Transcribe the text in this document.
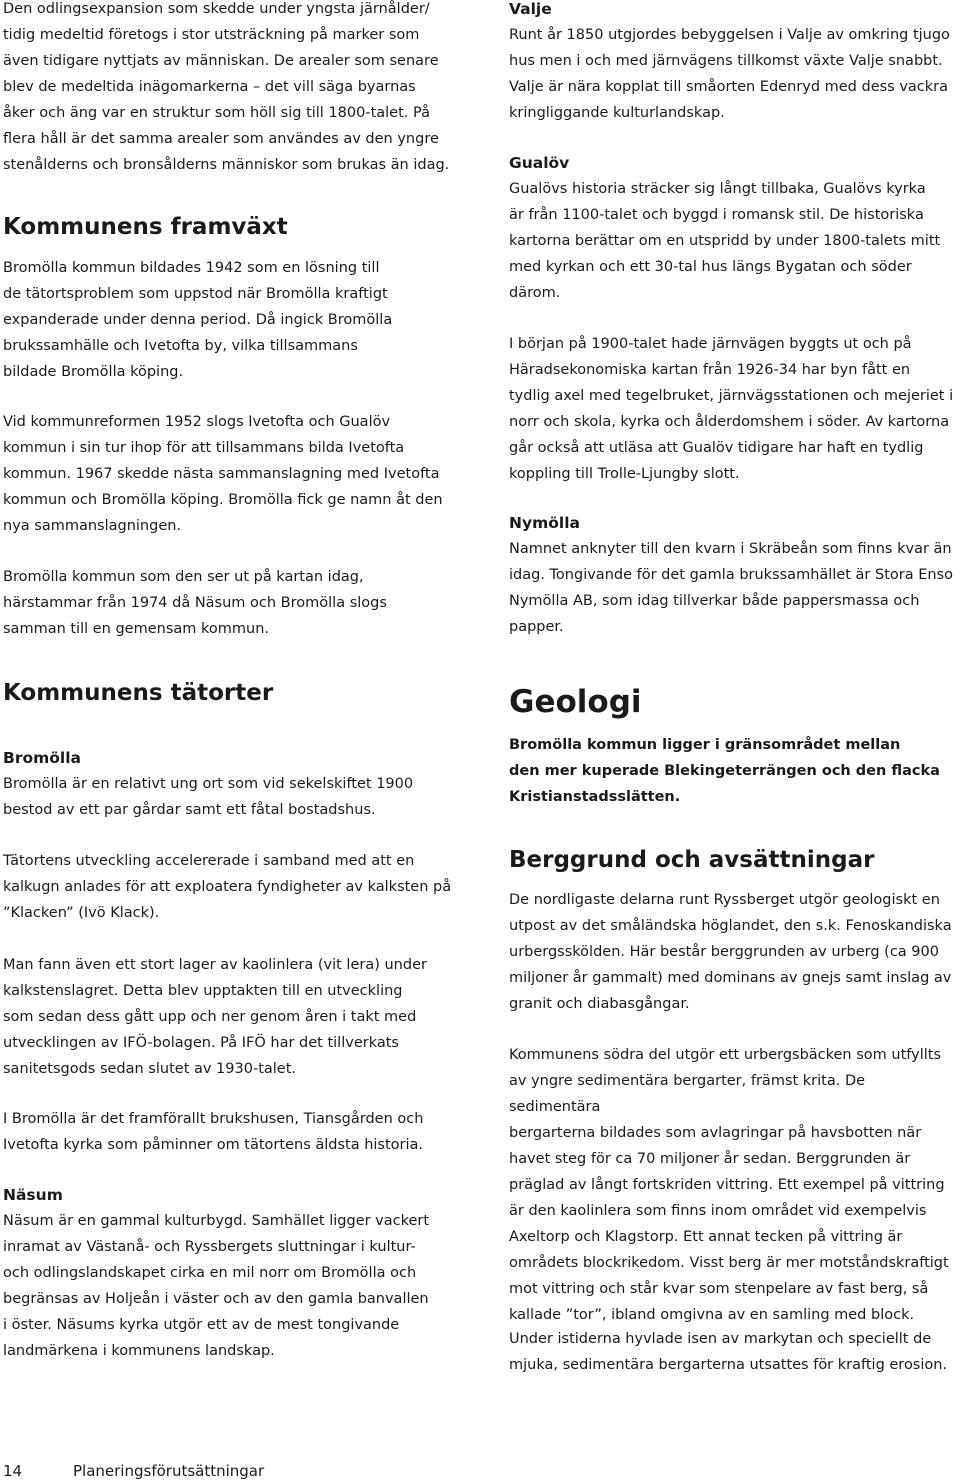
Den odlingsexpansion som skedde under yngsta järnålder/
tidig medeltid företogs i stor utsträckning på marker som
även tidigare nyttjats av människan. De arealer som senare
blev de medeltida inägomarkerna – det vill säga byarnas
åker och äng var en struktur som höll sig till 1800-talet. På
flera håll är det samma arealer som användes av den yngre
stenålderns och bronsålderns människor som brukas än idag.

Kommunens framväxt

Bromölla kommun bildades 1942 som en lösning till
de tätortsproblem som uppstod när Bromölla kraftigt
expanderade under denna period. Då ingick Bromölla
brukssamhälle och Ivetofta by, vilka tillsammans
bildade Bromölla köping.

Vid kommunreformen 1952 slogs Ivetofta och Gualöv
kommun i sin tur ihop för att tillsammans bilda Ivetofta
kommun. 1967 skedde nästa sammanslagning med Ivetofta
kommun och Bromölla köping. Bromölla fick ge namn åt den
nya sammanslagningen.

Bromölla kommun som den ser ut på kartan idag,
härstammar från 1974 då Näsum och Bromölla slogs
samman till en gemensam kommun.

Kommunens tätorter
Bromölla

Bromölla är en relativt ung ort som vid sekelskiftet 1900
bestod av ett par gårdar samt ett fåtal bostadshus.

Tätortens utveckling accelererade i samband med att en
kalkugn anlades för att exploatera fyndigheter av kalksten på
”Klacken” (Ivö Klack).

Man fann även ett stort lager av kaolinlera (vit lera) under
kalkstenslagret. Detta blev upptakten till en utveckling
som sedan dess gått upp och ner genom åren i takt med
utvecklingen av IFÖ-bolagen. På IFÖ har det tillverkats
sanitetsgods sedan slutet av 1930-talet.

I Bromölla är det framförallt brukshusen, Tiansgården och
Ivetofta kyrka som påminner om tätortens äldsta historia.

Näsum

Näsum är en gammal kulturbygd. Samhället ligger vackert
inramat av Västanå- och Ryssbergets sluttningar i kultur-
och odlingslandskapet cirka en mil norr om Bromölla och
begränsas av Holjeån i väster och av den gamla banvallen
i öster. Näsums kyrka utgör ett av de mest tongivande
landmärkena i kommunens landskap.

Valje

Runt år 1850 utgjordes bebyggelsen i Valje av omkring tjugo
hus men i och med järnvägens tillkomst växte Valje snabbt.
Valje är nära kopplat till småorten Edenryd med dess vackra
kringliggande kulturlandskap.

Gualöv

Gualövs historia sträcker sig långt tillbaka, Gualövs kyrka
är från 1100-talet och byggd i romansk stil. De historiska
kartorna berättar om en utspridd by under 1800-talets mitt
med kyrkan och ett 30-tal hus längs Bygatan och söder
därom.

I början på 1900-talet hade järnvägen byggts ut och på
Häradsekonomiska kartan från 1926-34 har byn fått en
tydlig axel med tegelbruket, järnvägsstationen och mejeriet i
norr och skola, kyrka och ålderdomshem i söder. Av kartorna
går också att utläsa att Gualöv tidigare har haft en tydlig
koppling till Trolle-Ljungby slott.

Nymölla

Namnet anknyter till den kvarn i Skräbeån som finns kvar än
idag. Tongivande för det gamla brukssamhället är Stora Enso
Nymölla AB, som idag tillverkar både pappersmassa och
papper.

Geologi

Bromölla kommun ligger i gränsområdet mellan
den mer kuperade Blekingeterrängen och den flacka
Kristianstadsslätten.

Berggrund och avsättningar

De nordligaste delarna runt Ryssberget utgör geologiskt en
utpost av det småländska höglandet, den s.k. Fenoskandiska
urbergsskölden. Här består berggrunden av urberg (ca 900
miljoner år gammalt) med dominans av gnejs samt inslag av
granit och diabasgångar.

Kommunens södra del utgör ett urbergsbäcken som utfyllts
av yngre sedimentära bergarter, främst krita. De sedimentära
bergarterna bildades som avlagringar på havsbotten när
havet steg för ca 70 miljoner år sedan. Berggrunden är
präglad av långt fortskriden vittring. Ett exempel på vittring
är den kaolinlera som finns inom området vid exempelvis
Axeltorp och Klagstorp. Ett annat tecken på vittring är
områdets blockrikedom. Visst berg är mer motståndskraftigt
mot vittring och står kvar som stenpelare av fast berg, så
kallade ”tor”, ibland omgivna av en samling med block.

Under istiderna hyvlade isen av markytan och speciellt de
mjuka, sedimentära bergarterna utsattes för kraftig erosion.

14	Planeringsförutsättningar
